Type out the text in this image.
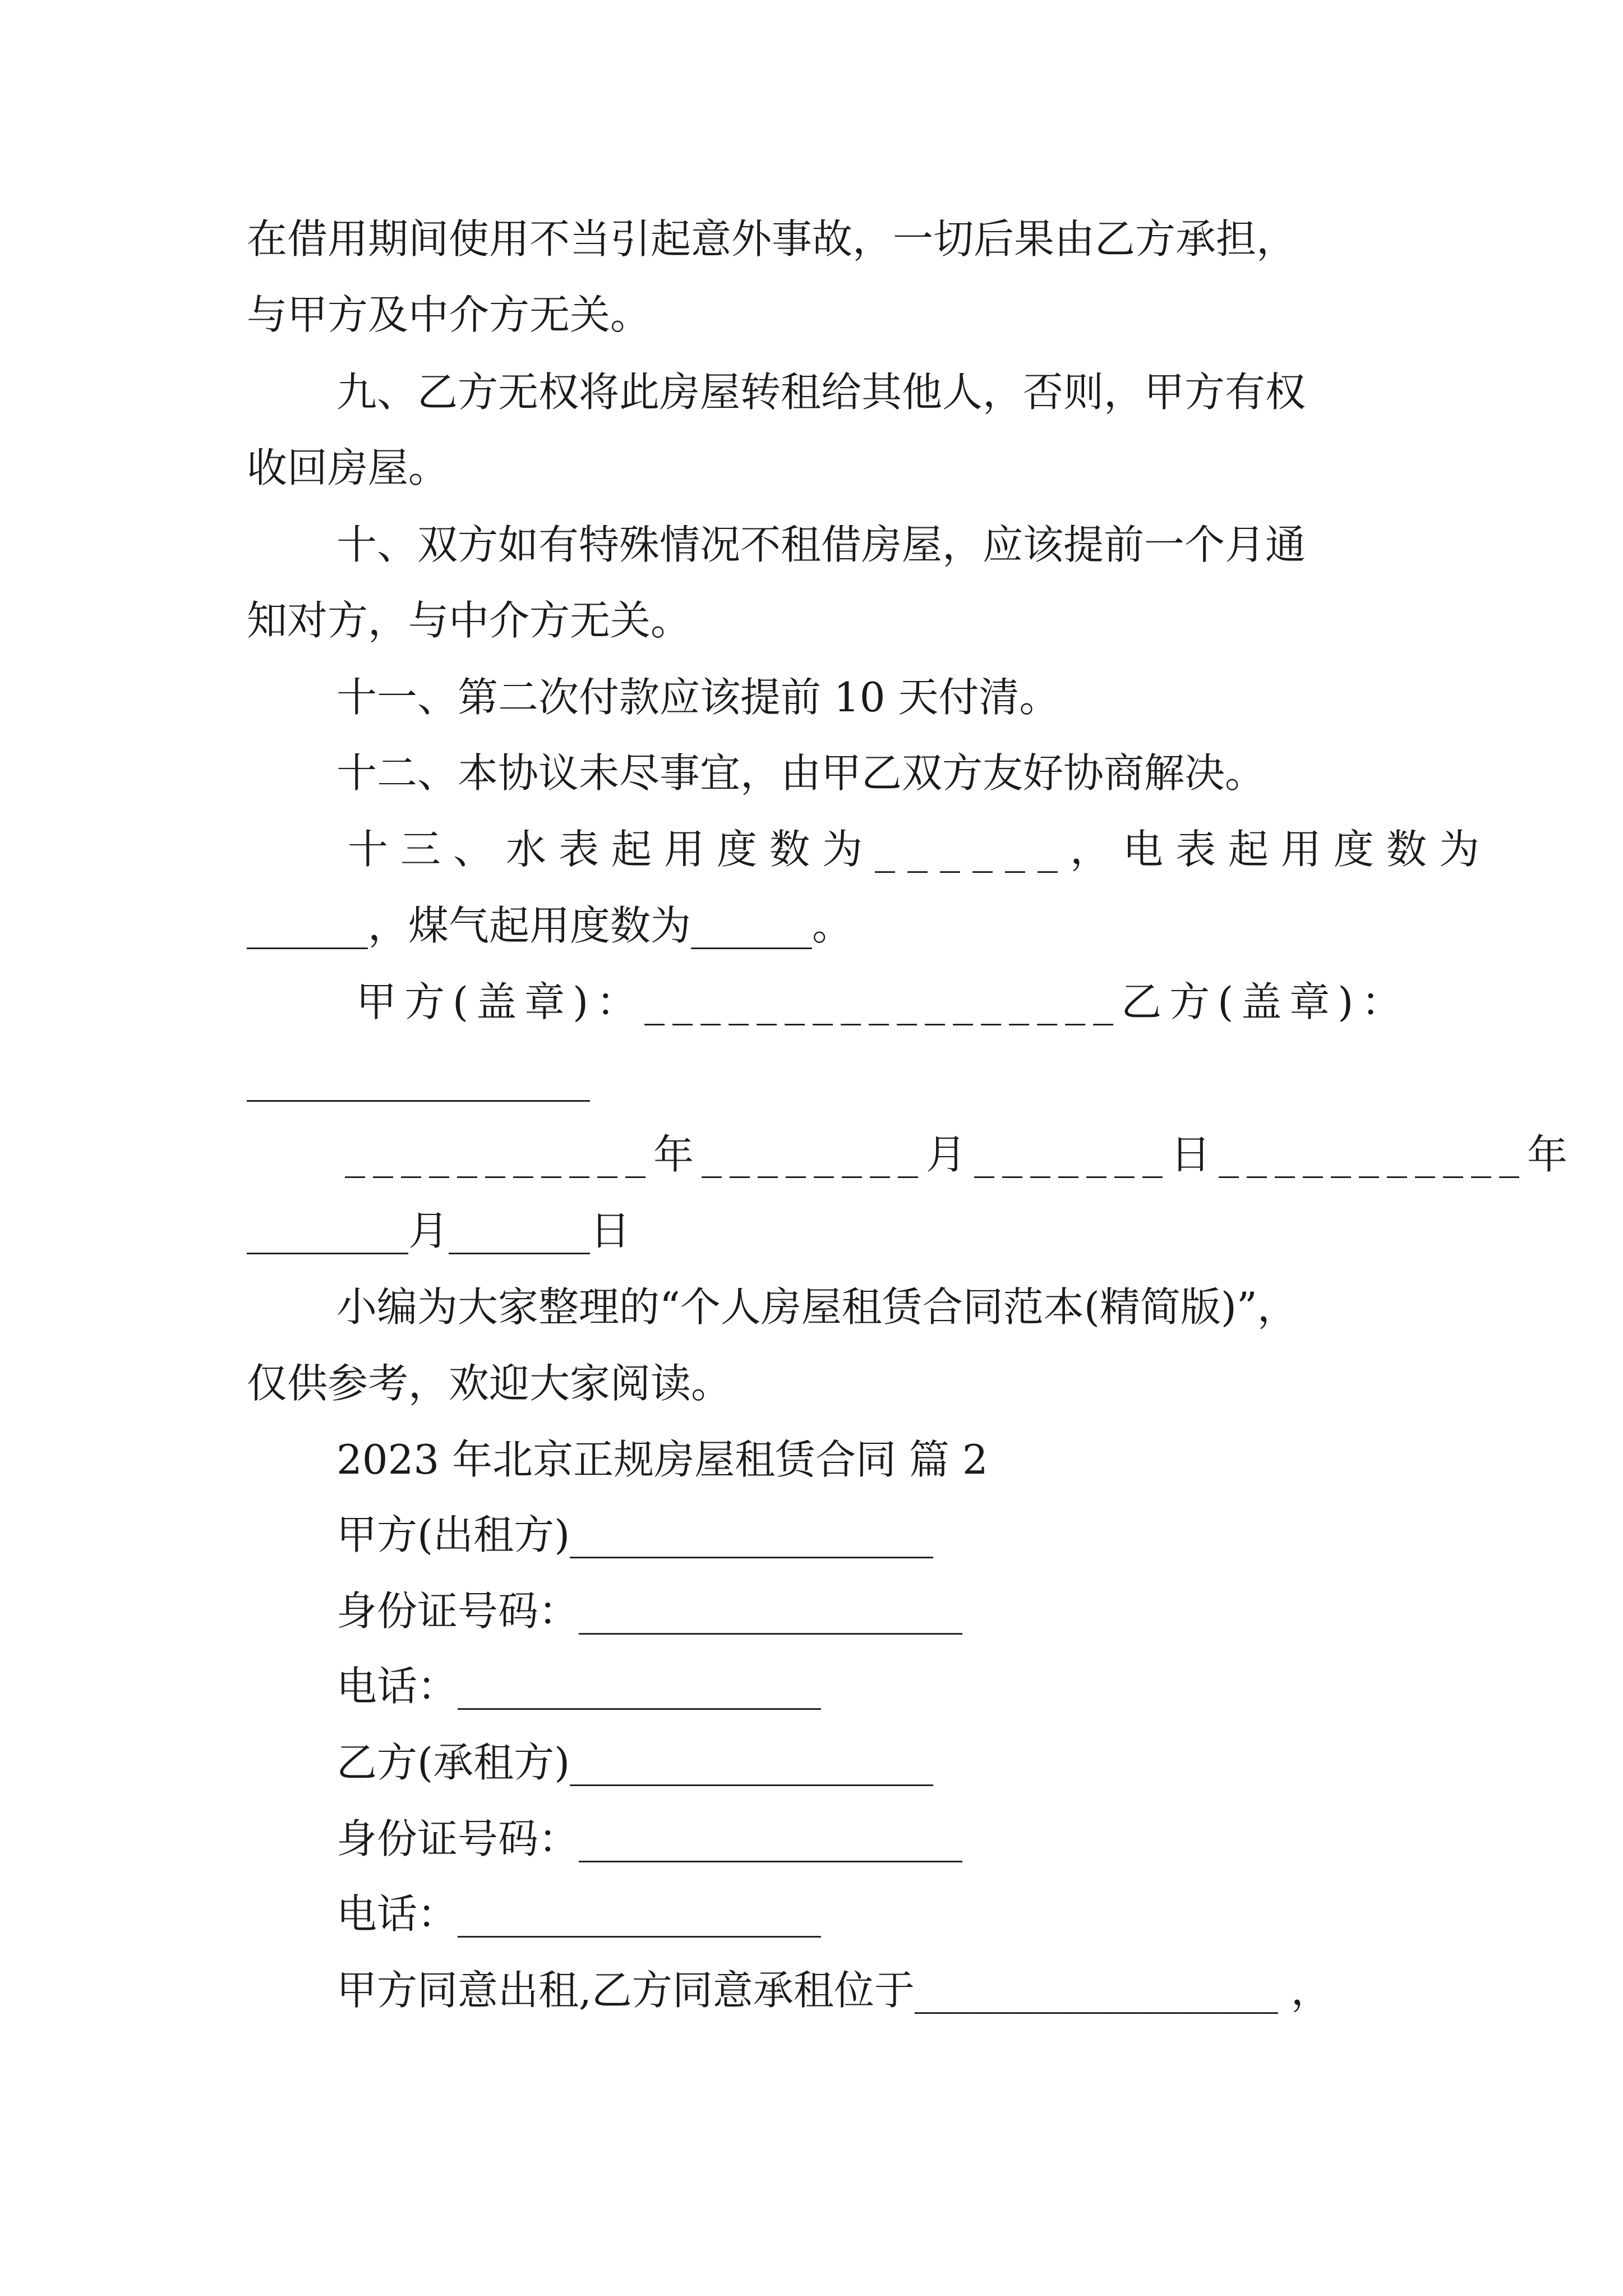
在借用期间使用不当引起意外事故，一切后果由乙方承担，

与甲方及中介方无关。

九、乙方无权将此房屋转租给其他人，否则，甲方有权

收回房屋。

十、双方如有特殊情况不租借房屋，应该提前一个月通

知对方，与中介方无关。

十一、第二次付款应该提前 10 天付清。

十二、本协议未尽事宜，由甲乙双方友好协商解决。

十三、水表起用度数为______，电表起用度数为

______，煤气起用度数为______。

甲方(盖章)：_________________乙方(盖章)：

_________________

___________年________月_______日___________年

________月_______日

小编为大家整理的“个人房屋租赁合同范本(精简版)”，

仅供参考，欢迎大家阅读。

2023 年北京正规房屋租赁合同 篇 2

甲方(出租方)__________________

身份证号码：___________________

电话：__________________

乙方(承租方)__________________

身份证号码：___________________

电话：__________________

甲方同意出租,乙方同意承租位于__________________ ，
